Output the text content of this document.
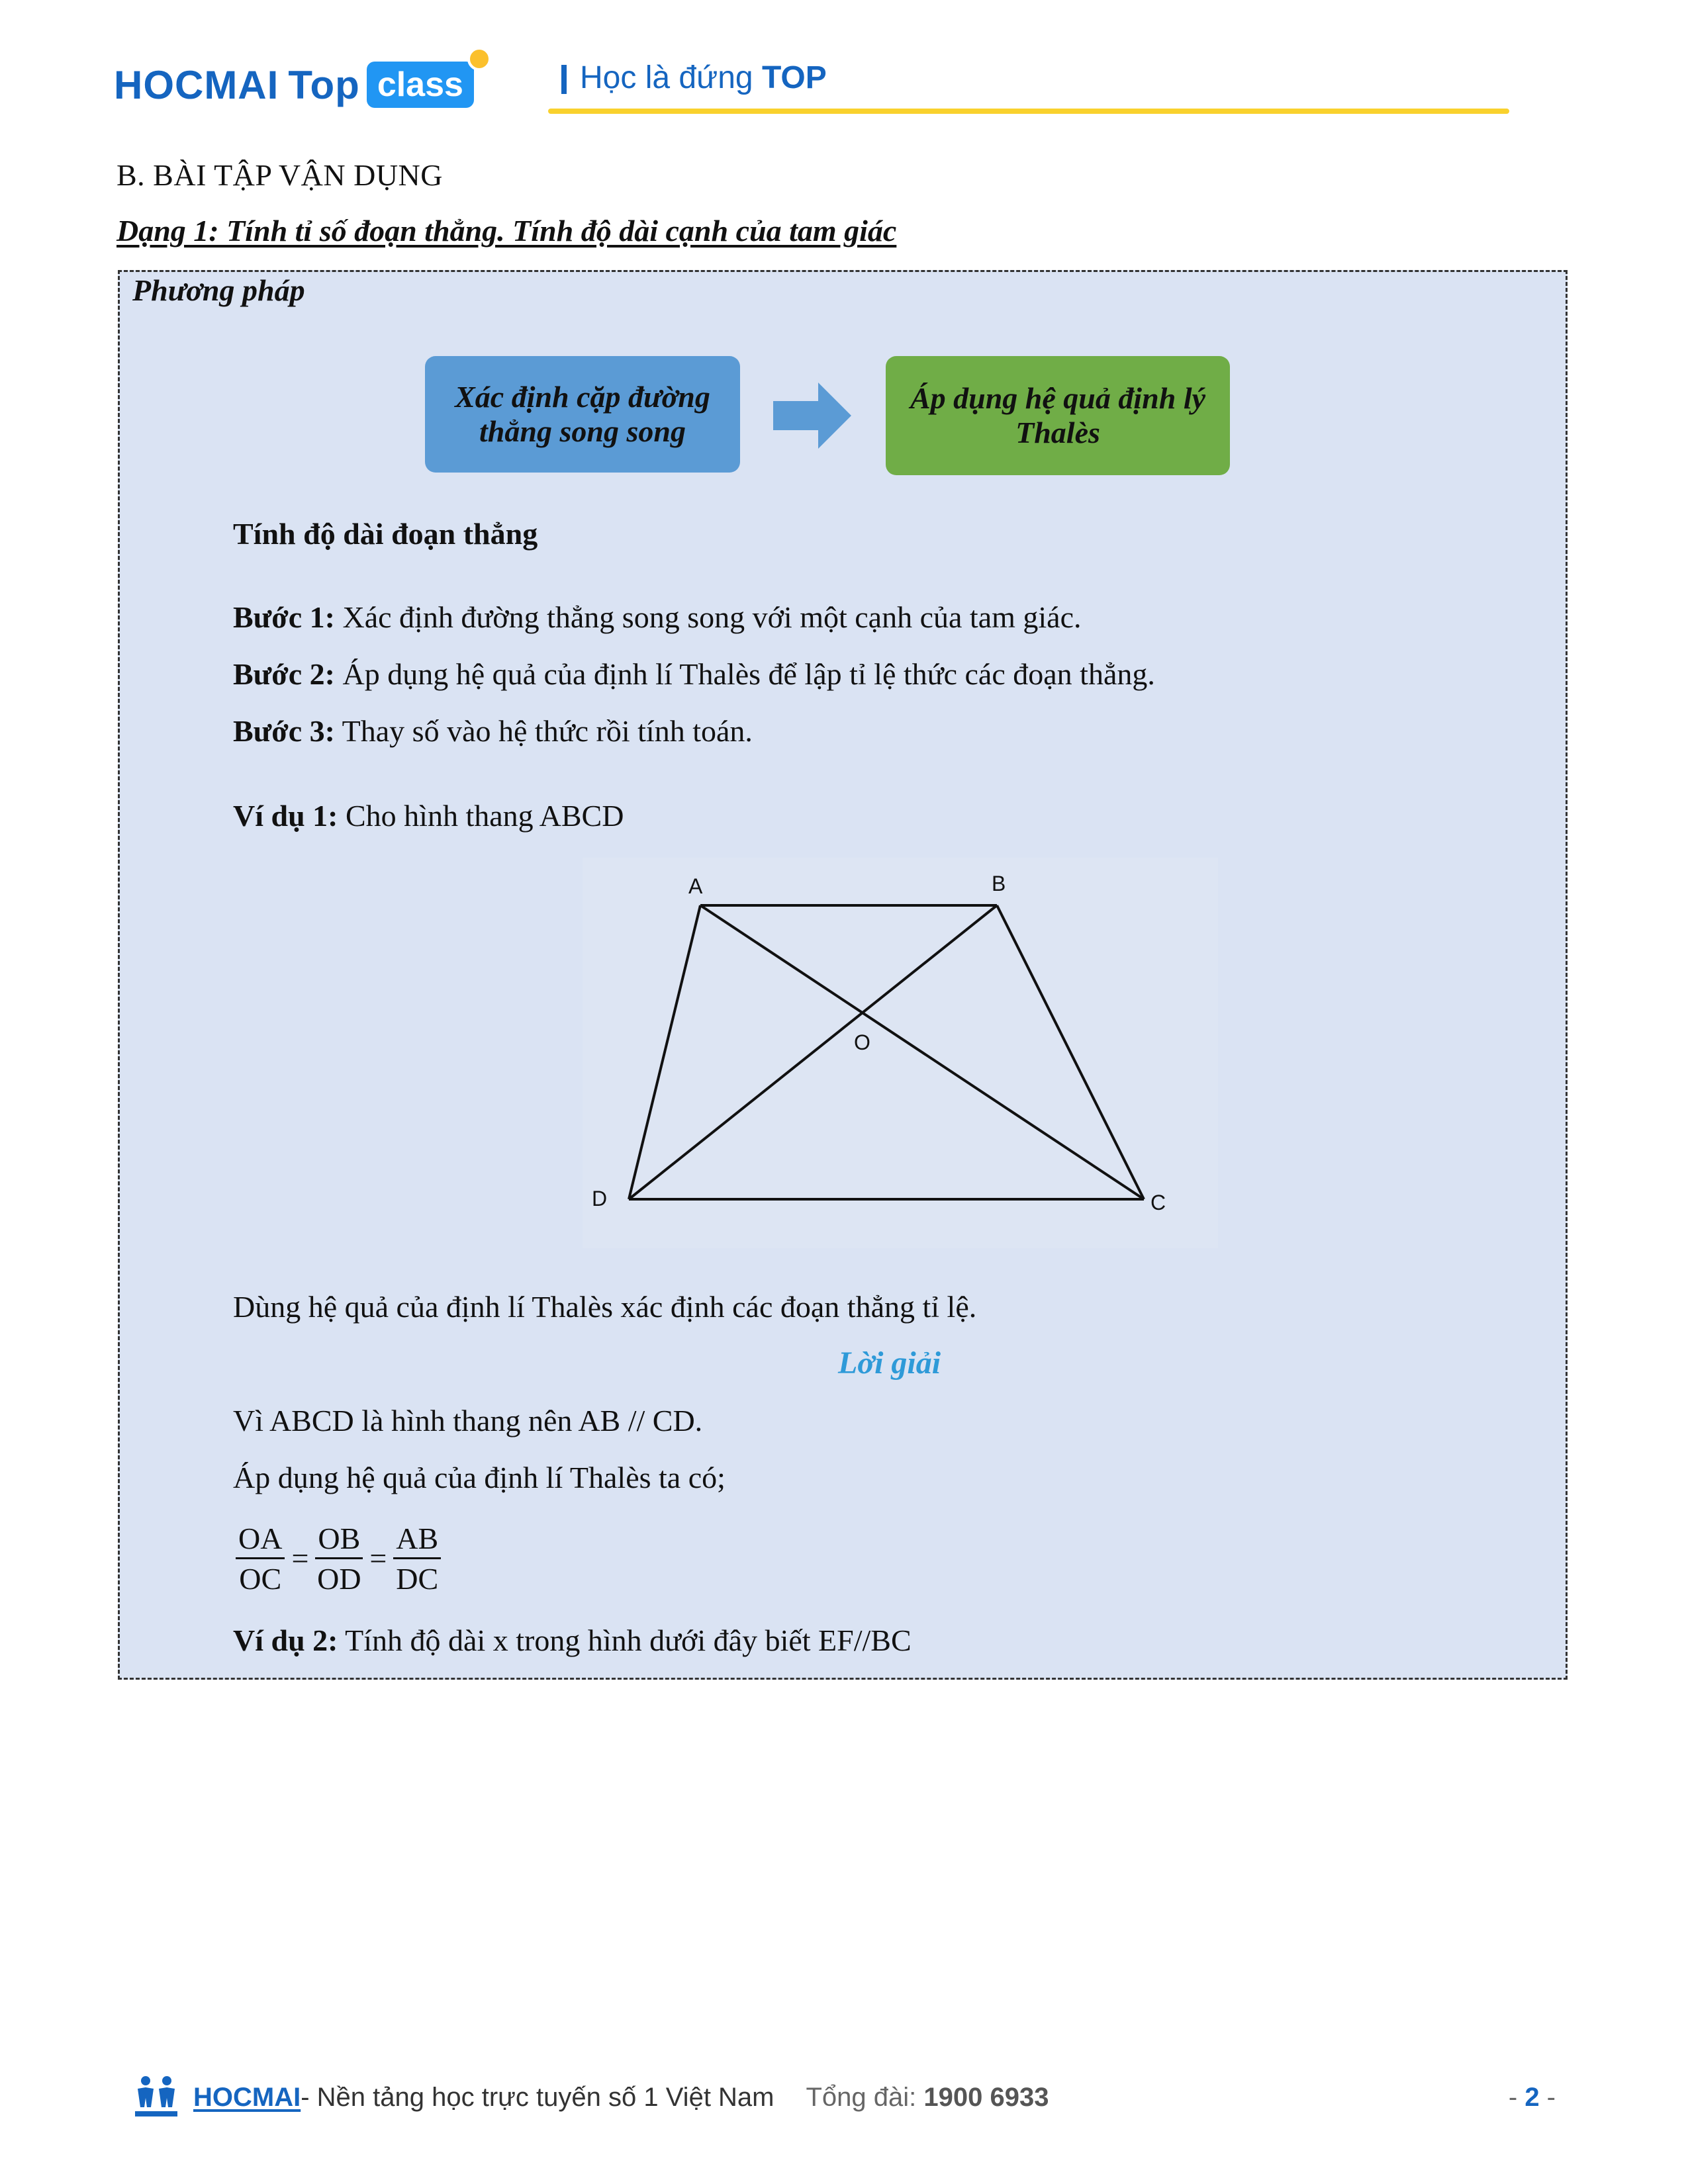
HOCMAI Top class	Học là đứng TOP
B. BÀI TẬP VẬN DỤNG
Dạng 1: Tính tỉ số đoạn thẳng. Tính độ dài cạnh của tam giác
Phương pháp
Xác định cặp đường thẳng song song
Áp dụng hệ quả định lý Thalès
Tính độ dài đoạn thẳng
Bước 1: Xác định đường thẳng song song với một cạnh của tam giác.
Bước 2: Áp dụng hệ quả của định lí Thalès để lập tỉ lệ thức các đoạn thẳng.
Bước 3: Thay số vào hệ thức rồi tính toán.
Ví dụ 1: Cho hình thang ABCD
A	B
C
D
O
Dùng hệ quả của định lí Thalès xác định các đoạn thẳng tỉ lệ.
Lời giải
Vì ABCD là hình thang nên AB // CD.
Áp dụng hệ quả của định lí Thalès ta có;
$\frac{OA}{OC} = \frac{OB}{OD} = \frac{AB}{DC}$
Ví dụ 2: Tính độ dài x trong hình dưới đây biết EF//BC
HOCMAI - Nền tảng học trực tuyến số 1 Việt Nam Tổng đài: 1900 6933	- 2 -
